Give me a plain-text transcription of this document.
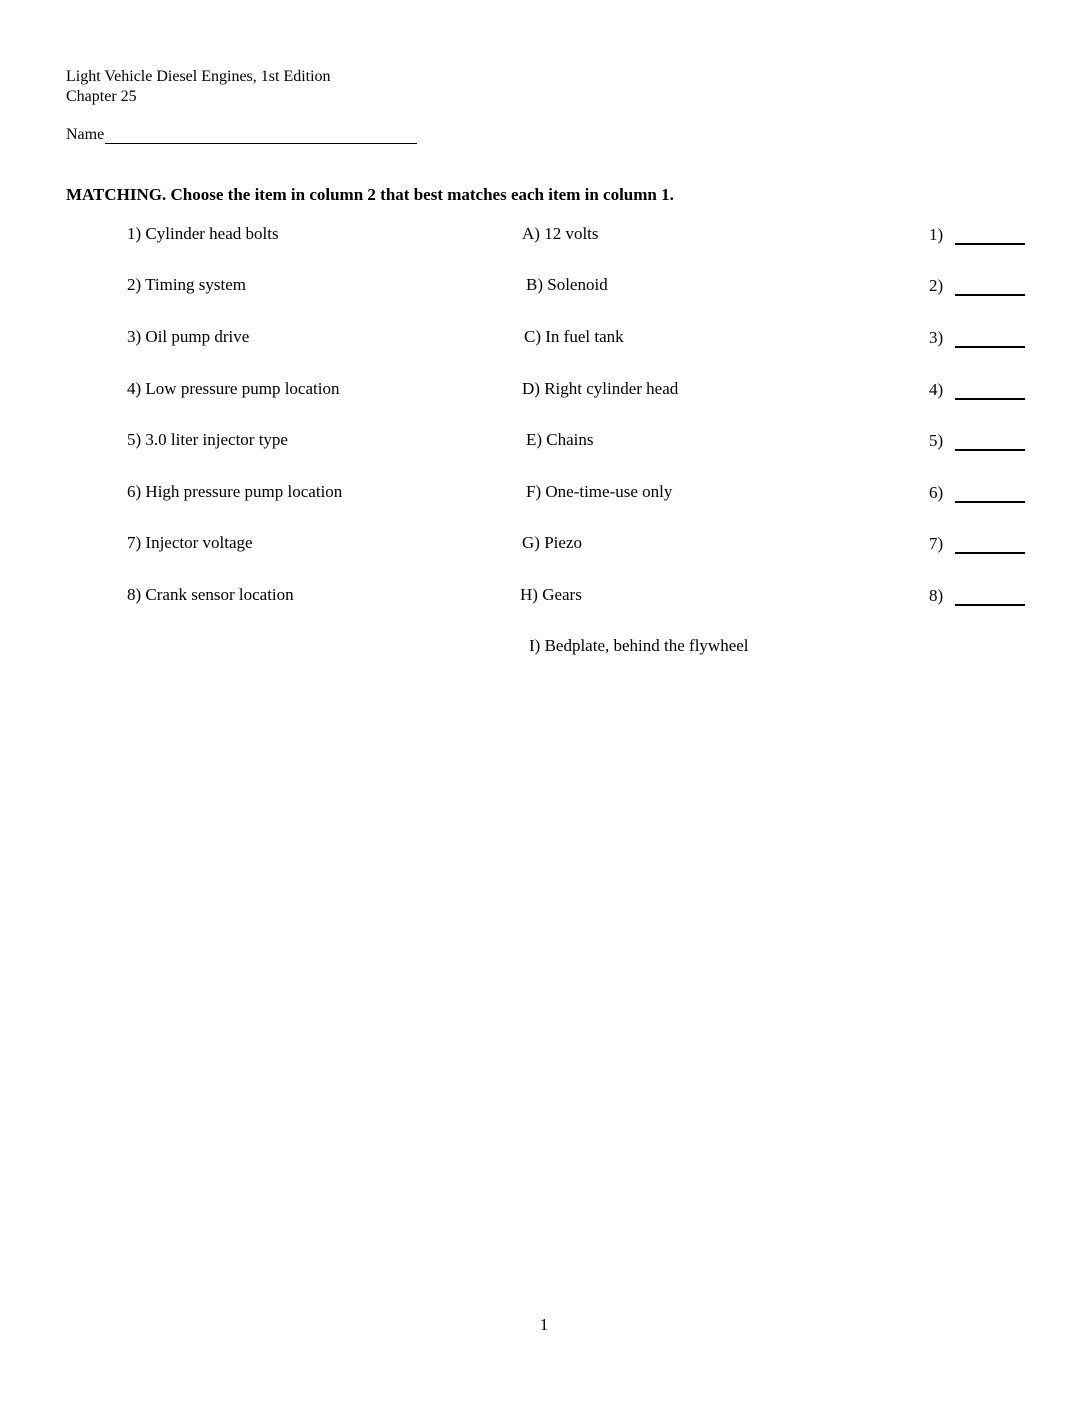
Light Vehicle Diesel Engines, 1st Edition
Chapter 25
Name
MATCHING. Choose the item in column 2 that best matches each item in column 1.
1) Cylinder head bolts
2) Timing system
3) Oil pump drive
4) Low pressure pump location
5) 3.0 liter injector type
6) High pressure pump location
7) Injector voltage
8) Crank sensor location
A) 12 volts
B) Solenoid
C) In fuel tank
D) Right cylinder head
E) Chains
F) One-time-use only
G) Piezo
H) Gears
I) Bedplate, behind the flywheel
1)
2)
3)
4)
5)
6)
7)
8)
1
